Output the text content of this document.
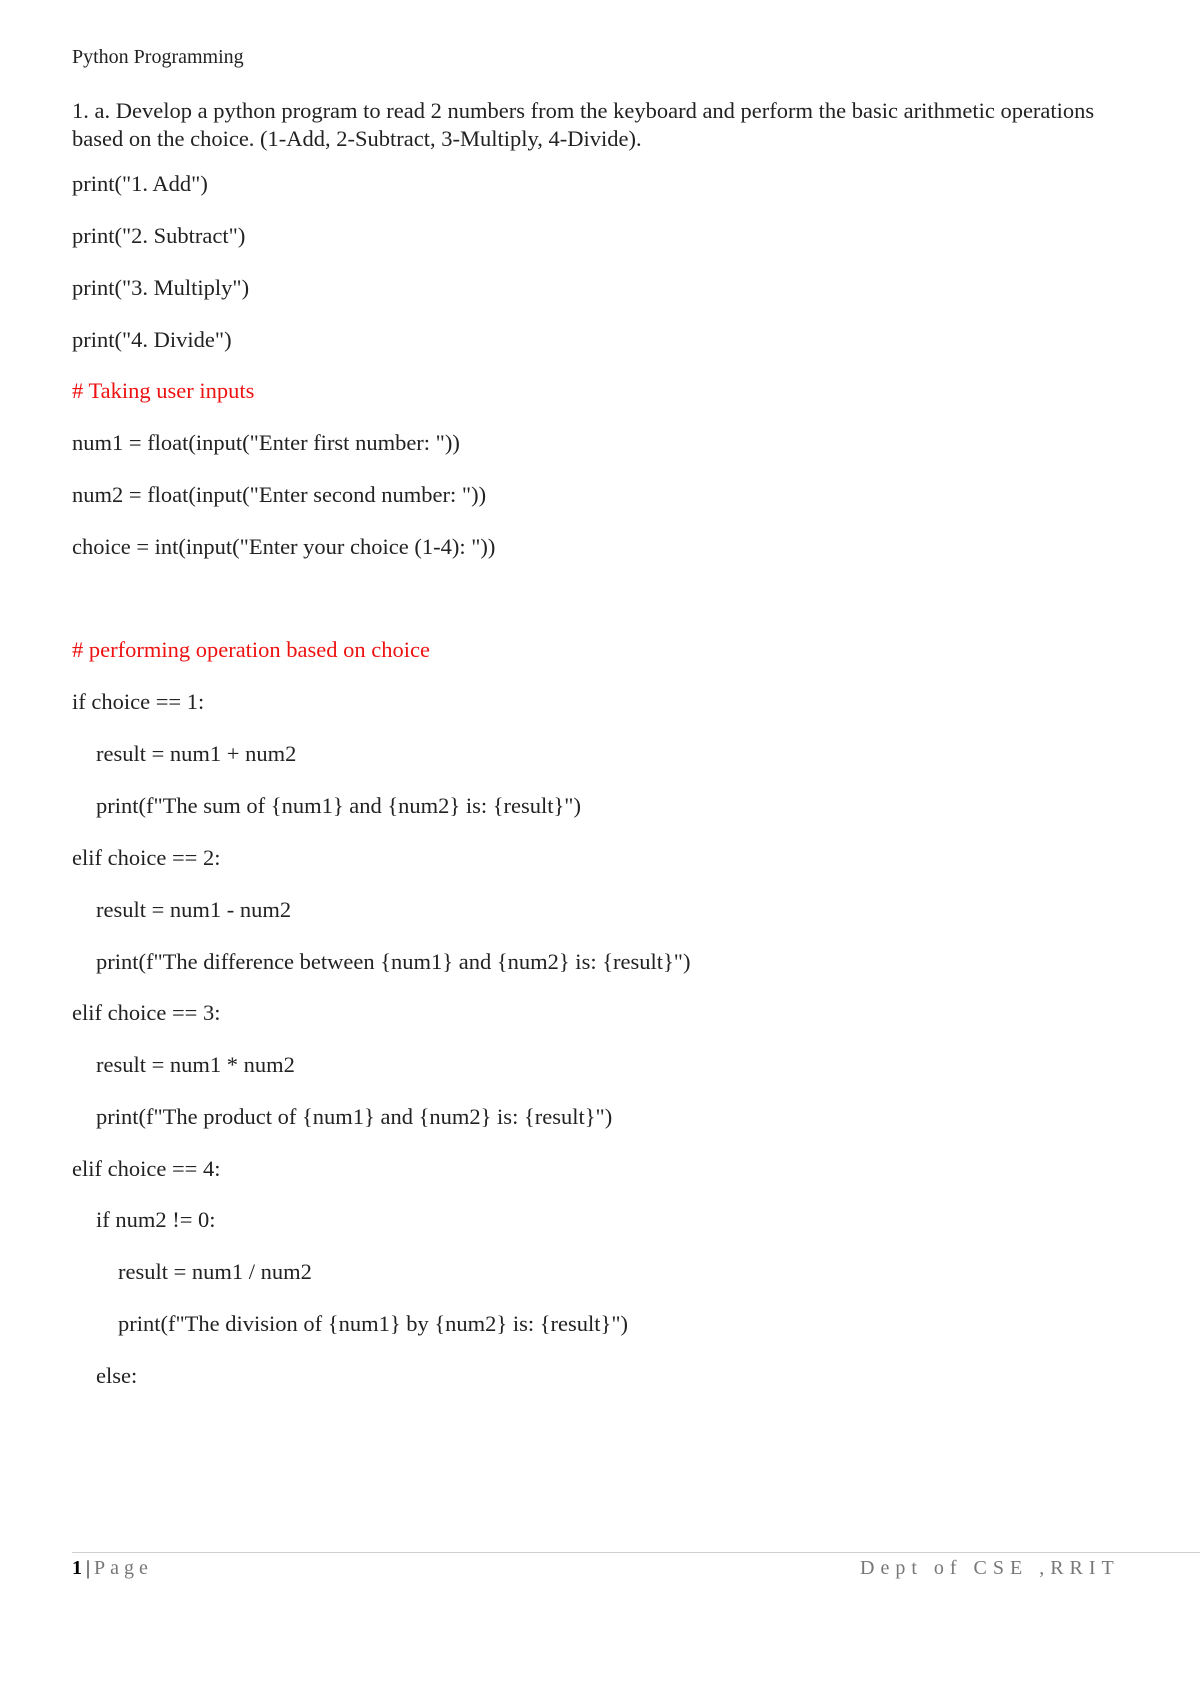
Python Programming
1. a. Develop a python program to read 2 numbers from the keyboard and perform the basic arithmetic operations
based on the choice. (1-Add, 2-Subtract, 3-Multiply, 4-Divide).
print("1. Add")
print("2. Subtract")
print("3. Multiply")
print("4. Divide")
# Taking user inputs
num1 = float(input("Enter first number: "))
num2 = float(input("Enter second number: "))
choice = int(input("Enter your choice (1-4): "))
# performing operation based on choice
if choice == 1:
result = num1 + num2
print(f"The sum of {num1} and {num2} is: {result}")
elif choice == 2:
result = num1 - num2
print(f"The difference between {num1} and {num2} is: {result}")
elif choice == 3:
result = num1 * num2
print(f"The product of {num1} and {num2} is: {result}")
elif choice == 4:
if num2 != 0:
result = num1 / num2
print(f"The division of {num1} by {num2} is: {result}")
else:
1 | Page	Dept of CSE ,RRIT
